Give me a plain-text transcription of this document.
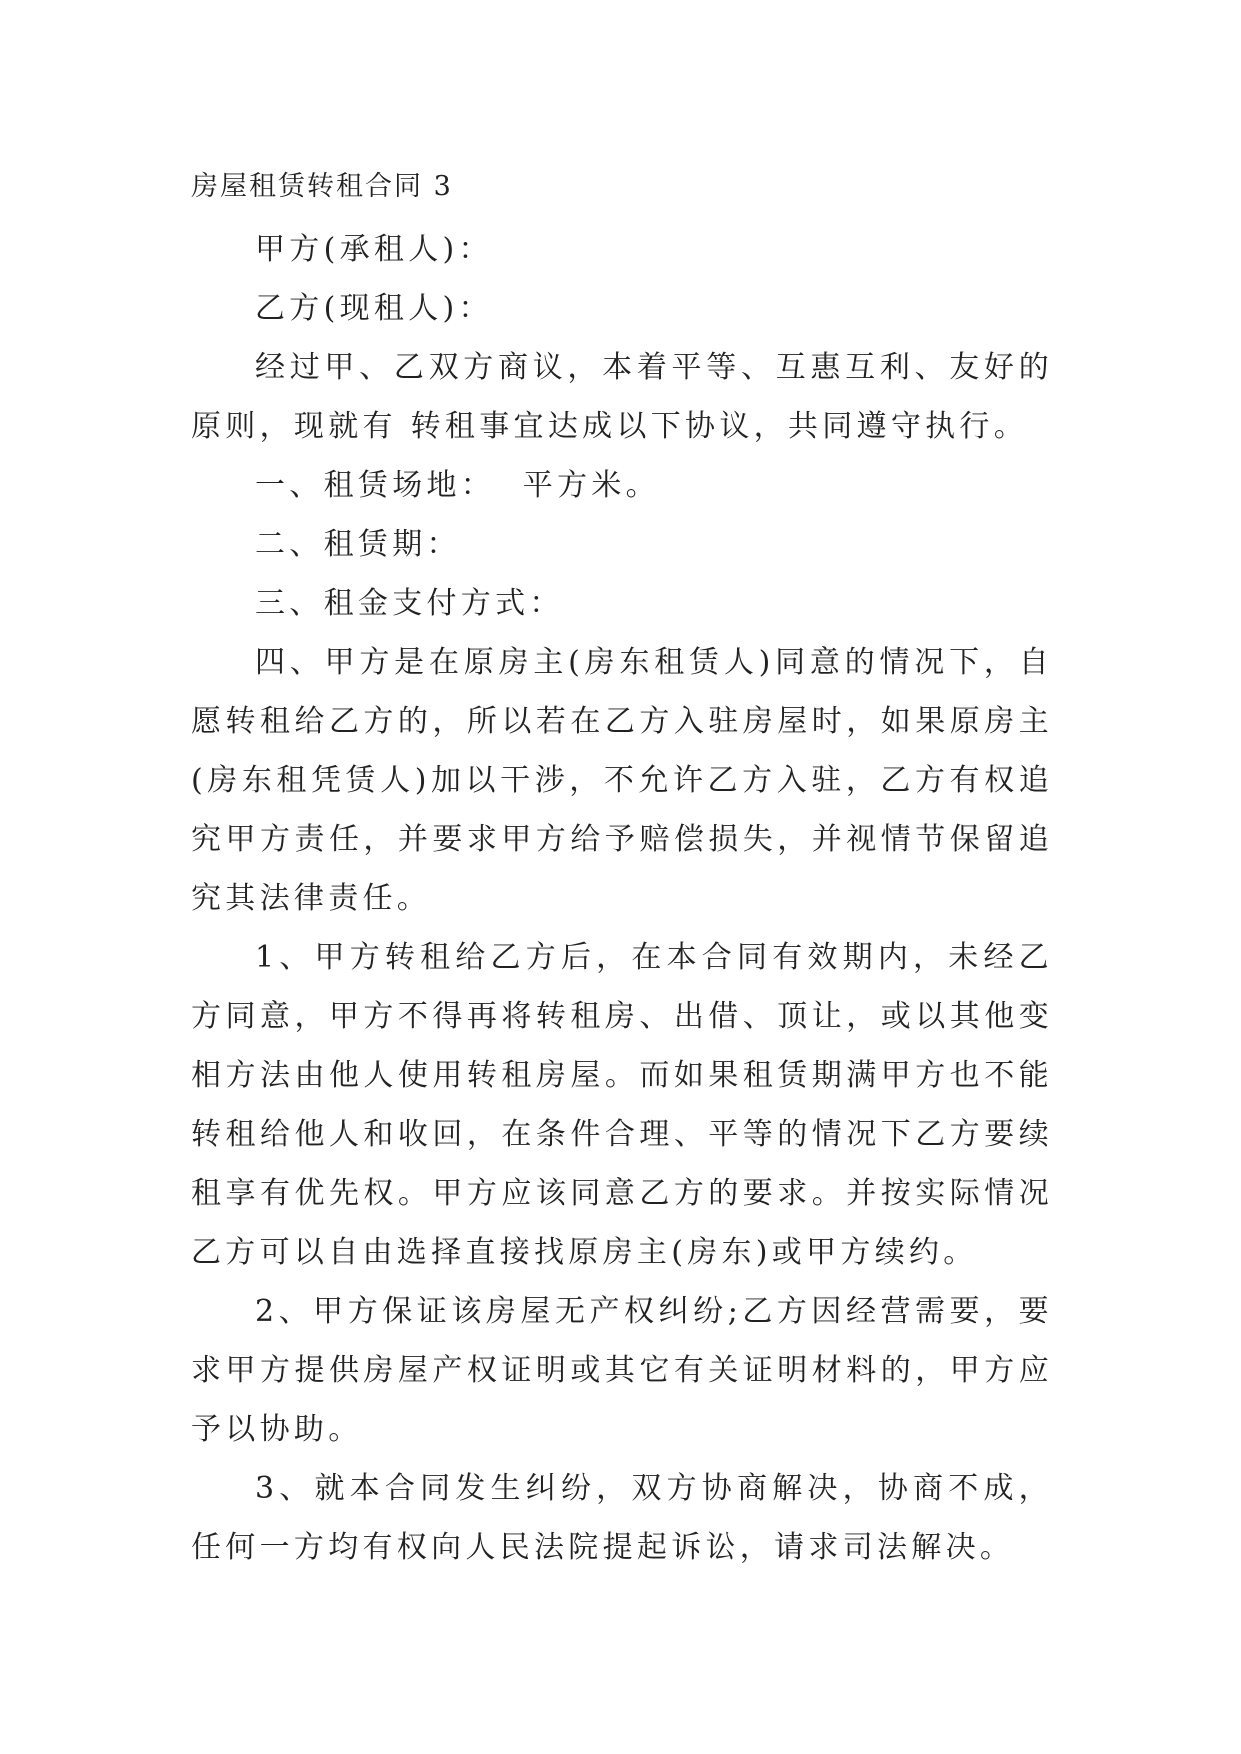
房屋租赁转租合同 3

甲方(承租人)：

乙方(现租人)：

经过甲、乙双方商议，本着平等、互惠互利、友好的原则，现就有 转租事宜达成以下协议，共同遵守执行。

一、租赁场地：  平方米。

二、租赁期：

三、租金支付方式：

四、甲方是在原房主(房东租赁人)同意的情况下，自愿转租给乙方的，所以若在乙方入驻房屋时，如果原房主(房东租凭赁人)加以干涉，不允许乙方入驻，乙方有权追究甲方责任，并要求甲方给予赔偿损失，并视情节保留追究其法律责任。

1、甲方转租给乙方后，在本合同有效期内，未经乙方同意，甲方不得再将转租房、出借、顶让，或以其他变相方法由他人使用转租房屋。而如果租赁期满甲方也不能转租给他人和收回，在条件合理、平等的情况下乙方要续租享有优先权。甲方应该同意乙方的要求。并按实际情况乙方可以自由选择直接找原房主(房东)或甲方续约。

2、甲方保证该房屋无产权纠纷;乙方因经营需要，要求甲方提供房屋产权证明或其它有关证明材料的，甲方应予以协助。

3、就本合同发生纠纷，双方协商解决，协商不成，任何一方均有权向人民法院提起诉讼，请求司法解决。
